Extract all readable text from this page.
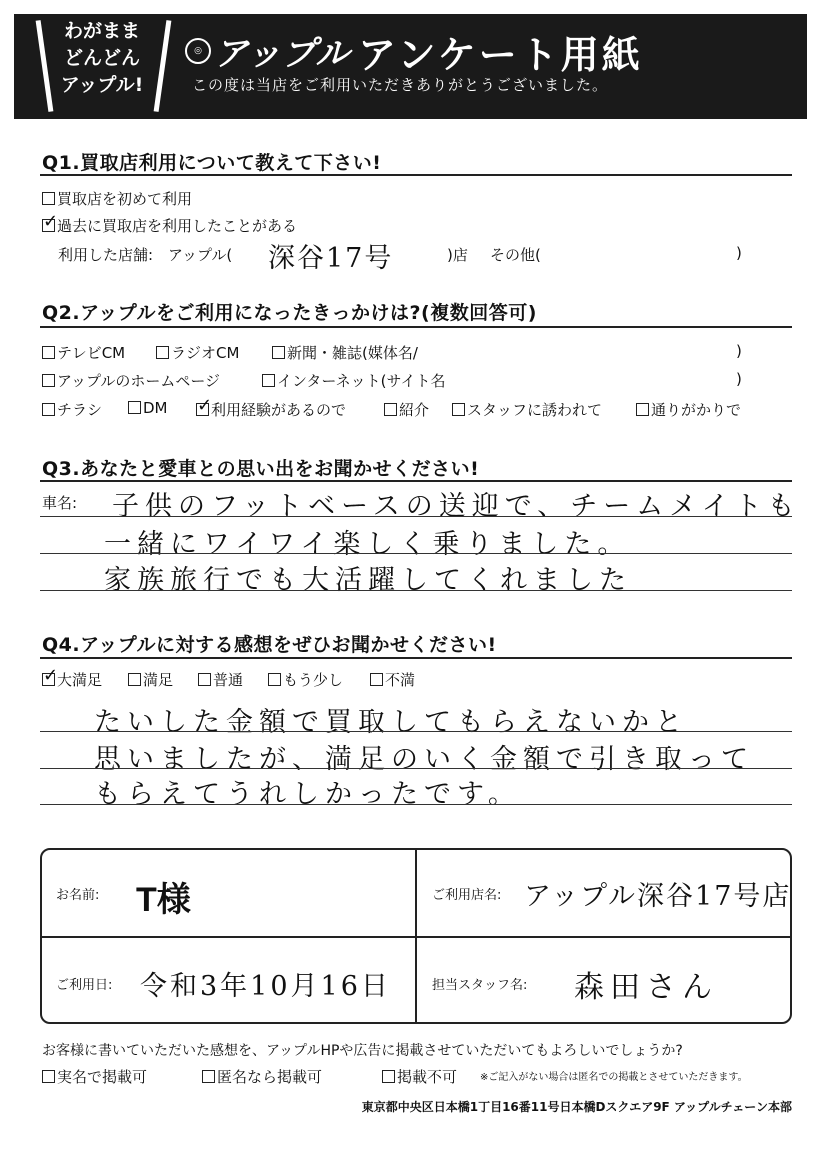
わがまま
どんどん
アップル!
◎ アップル アンケート用紙
この度は当店をご利用いただきありがとうございました。
Q1.買取店利用について教えて下さい!
買取店を初めて利用
✓過去に買取店を利用したことがある
利用した店舗:　アップル( 深谷17号	)店 その他(	)
Q2.アップルをご利用になったきっかけは?(複数回答可)
テレビCM	ラジオCM	新聞・雑誌(媒体名/	)
アップルのホームページ	インターネット(サイト名	)
チラシ	DM
✓	利用経験があるので	紹介	スタッフに誘われて	通りがかりで
Q3.あなたと愛車との思い出をお聞かせください!
車名: 子供のフットベースの送迎で、チームメイトも
一緒にワイワイ楽しく乗りました。
家族旅行でも大活躍してくれました
Q4.アップルに対する感想をぜひお聞かせください!
✓大満足	満足	普通	もう少し	不満
たいした金額で買取してもらえないかと
思いましたが、満足のいく金額で引き取って
もらえてうれしかったです。
お名前: T様	ご利用店名: アップル深谷17号店
ご利用日: 令和3年10月16日	担当スタッフ名: 森田さん
お客様に書いていただいた感想を、アップルHPや広告に掲載させていただいてもよろしいでしょうか?
実名で掲載可	匿名なら掲載可	掲載不可 ※ご記入がない場合は匿名での掲載とさせていただきます。
東京都中央区日本橋1丁目16番11号日本橋Dスクエア9F アップルチェーン本部
